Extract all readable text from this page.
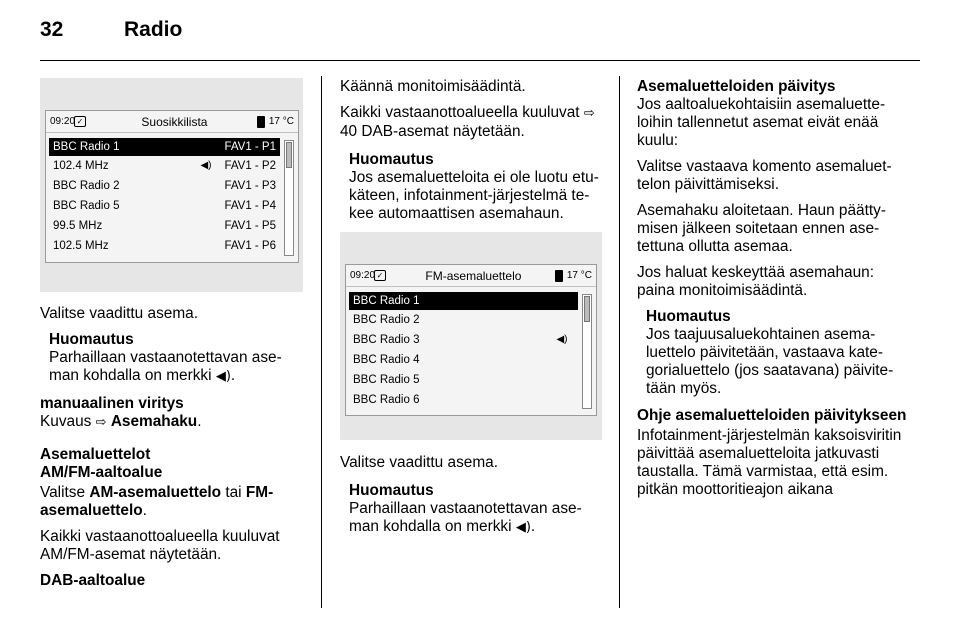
32	Radio
09:20 ✓	Suosikkilista	17 °C
BBC Radio 1	FAV1 - P1
102.4 MHz	◀)	FAV1 - P2
BBC Radio 2	FAV1 - P3
BBC Radio 5	FAV1 - P4
99.5 MHz	FAV1 - P5
102.5 MHz	FAV1 - P6

Valitse vaadittu asema.

Huomautus
Parhaillaan vastaanotettavan aseman kohdalla on merkki ◀).
manuaalinen viritys

Kuvaus ⇨ Asemahaku.

Asemaluettelot
AM/FM-aaltoalue

Valitse AM-asemaluettelo tai FM-asemaluettelo.

Kaikki vastaanottoalueella kuuluvat AM/FM-asemat näytetään.

DAB-aaltoalue

Käännä monitoimisäädintä.

Kaikki vastaanottoalueella kuuluvat ⇨ 40 DAB-asemat näytetään.

Huomautus
Jos asemaluetteloita ei ole luotu etukäteen, infotainment-järjestelmä tekee automaattisen asemahaun.
09:20 ✓	FM-asemaluettelo	17 °C
BBC Radio 1
BBC Radio 2
BBC Radio 3	◀)
BBC Radio 4
BBC Radio 5
BBC Radio 6

Valitse vaadittu asema.

Huomautus
Parhaillaan vastaanotettavan aseman kohdalla on merkki ◀).
Asemaluetteloiden päivitys

Jos aaltoaluekohtaisiin asemaluetteloihin tallennetut asemat eivät enää kuulu:

Valitse vastaava komento asemaluettelon päivittämiseksi.

Asemahaku aloitetaan. Haun päättymisen jälkeen soitetaan ennen asetettuna ollutta asemaa.

Jos haluat keskeyttää asemahaun: paina monitoimisäädintä.

Huomautus
Jos taajuusaluekohtainen asemaluettelo päivitetään, vastaava kategorialuettelo (jos saatavana) päivitetään myös.
Ohje asemaluetteloiden päivitykseen

Infotainment-järjestelmän kaksoisviritin päivittää asemaluetteloita jatkuvasti taustalla. Tämä varmistaa, että esim. pitkän moottoritieajon aikana
